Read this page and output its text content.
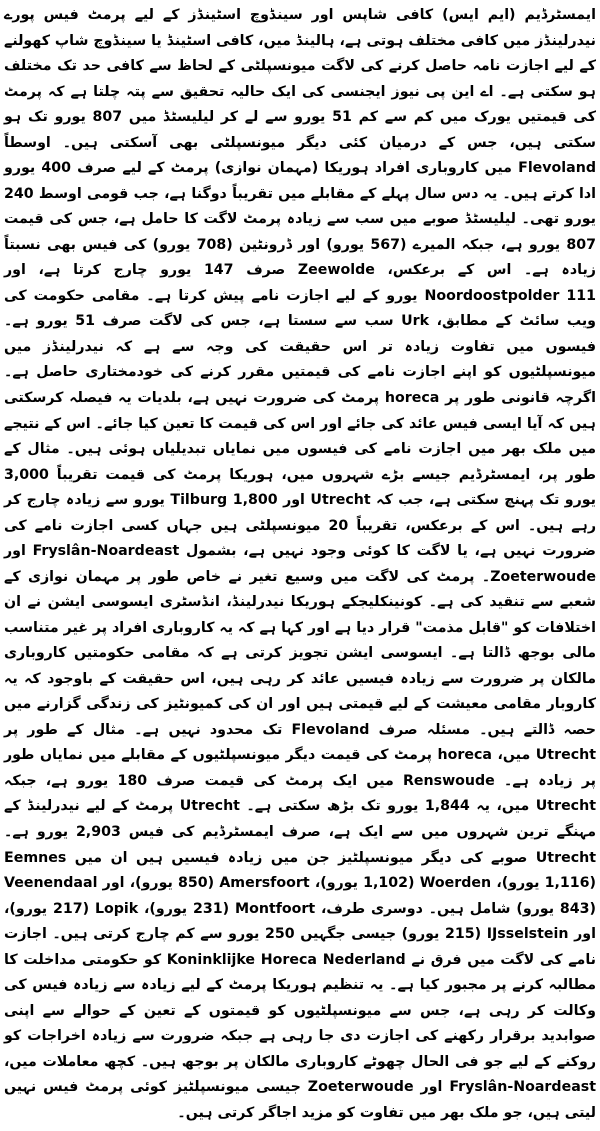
ایمسٹرڈیم (ایم ایس) کافی شاپس اور سینڈوچ اسٹینڈز کے لیے پرمٹ فیس پورے نیدرلینڈز میں کافی مختلف ہوتی ہے، ہالینڈ میں، کافی اسٹینڈ یا سینڈوچ شاپ کھولنے کے لیے اجازت نامہ حاصل کرنے کی لاگت میونسپلٹی کے لحاظ سے کافی حد تک مختلف ہو سکتی ہے۔ اے این پی نیوز ایجنسی کی ایک حالیہ تحقیق سے پتہ چلتا ہے کہ پرمٹ کی قیمتیں یورک میں کم سے کم 51 یورو سے لے کر لیلیسٹڈ میں 807 یورو تک ہو سکتی ہیں، جس کے درمیان کئی دیگر میونسپلٹی بھی آسکتی ہیں۔ اوسطاً Flevoland میں کاروباری افراد ہوریکا (مہمان نوازی) پرمٹ کے لیے صرف 400 یورو ادا کرتے ہیں۔ یہ دس سال پہلے کے مقابلے میں تقریباً دوگنا ہے، جب قومی اوسط 240 یورو تھی۔ لیلیسٹڈ صوبے میں سب سے زیادہ پرمٹ لاگت کا حامل ہے، جس کی قیمت 807 یورو ہے، جبکہ المیرے (567 یورو) اور ڈرونٹین (708 یورو) کی فیس بھی نسبتاً زیادہ ہے۔ اس کے برعکس، Zeewolde صرف 147 یورو چارج کرتا ہے، اور Noordoostpolder 111 یورو کے لیے اجازت نامے پیش کرتا ہے۔ مقامی حکومت کی ویب سائٹ کے مطابق، Urk سب سے سستا ہے، جس کی لاگت صرف 51 یورو ہے۔ فیسوں میں تفاوت زیادہ تر اس حقیقت کی وجہ سے ہے کہ نیدرلینڈز میں میونسپلٹیوں کو اپنے اجازت نامے کی قیمتیں مقرر کرنے کی خودمختاری حاصل ہے۔ اگرچہ قانونی طور پر horeca پرمٹ کی ضرورت نہیں ہے، بلدیات یہ فیصلہ کرسکتی ہیں کہ آیا ایسی فیس عائد کی جائے اور اس کی قیمت کا تعین کیا جائے۔ اس کے نتیجے میں ملک بھر میں اجازت نامے کی فیسوں میں نمایاں تبدیلیاں ہوئی ہیں۔ مثال کے طور پر، ایمسٹرڈیم جیسے بڑے شہروں میں، ہوریکا پرمٹ کی قیمت تقریباً 3,000 یورو تک پہنچ سکتی ہے، جب کہ Utrecht اور Tilburg 1,800 یورو سے زیادہ چارج کر رہے ہیں۔ اس کے برعکس، تقریباً 20 میونسپلٹی ہیں جہاں کسی اجازت نامے کی ضرورت نہیں ہے، یا لاگت کا کوئی وجود نہیں ہے، بشمول Fryslân-Noardeast اور Zoeterwoude۔ پرمٹ کی لاگت میں وسیع تغیر نے خاص طور پر مہمان نوازی کے شعبے سے تنقید کی ہے۔ کونینکلیجکے ہوریکا نیدرلینڈ، انڈسٹری ایسوسی ایشن نے ان اختلافات کو "قابل مذمت" قرار دیا ہے اور کہا ہے کہ یہ کاروباری افراد پر غیر متناسب مالی بوجھ ڈالتا ہے۔ ایسوسی ایشن تجویز کرتی ہے کہ مقامی حکومتیں کاروباری مالکان پر ضرورت سے زیادہ فیسیں عائد کر رہی ہیں، اس حقیقت کے باوجود کہ یہ کاروبار مقامی معیشت کے لیے قیمتی ہیں اور ان کی کمیونٹیز کی زندگی گزارنے میں حصہ ڈالتے ہیں۔ مسئلہ صرف Flevoland تک محدود نہیں ہے۔ مثال کے طور پر Utrecht میں، horeca پرمٹ کی قیمت دیگر میونسپلٹیوں کے مقابلے میں نمایاں طور پر زیادہ ہے۔ Renswoude میں ایک پرمٹ کی قیمت صرف 180 یورو ہے، جبکہ Utrecht میں، یہ 1,844 یورو تک بڑھ سکتی ہے۔ Utrecht پرمٹ کے لیے نیدرلینڈ کے مہنگے ترین شہروں میں سے ایک ہے، صرف ایمسٹرڈیم کی فیس 2,903 یورو ہے۔ Utrecht صوبے کی دیگر میونسپلٹیز جن میں زیادہ فیسیں ہیں ان میں Eemnes (1,116 یورو)، Woerden (1,102 یورو)، Amersfoort (850 یورو)، اور Veenendaal (843 یورو) شامل ہیں۔ دوسری طرف، Montfoort (231 یورو)، Lopik (217 یورو)، اور IJsselstein (215 یورو) جیسی جگہیں 250 یورو سے کم چارج کرتی ہیں۔ اجازت نامے کی لاگت میں فرق نے Koninklijke Horeca Nederland کو حکومتی مداخلت کا مطالبہ کرنے پر مجبور کیا ہے۔ یہ تنظیم ہوریکا پرمٹ کے لیے زیادہ سے زیادہ فیس کی وکالت کر رہی ہے، جس سے میونسپلٹیوں کو قیمتوں کے تعین کے حوالے سے اپنی صوابدید برقرار رکھنے کی اجازت دی جا رہی ہے جبکہ ضرورت سے زیادہ اخراجات کو روکنے کے لیے جو فی الحال چھوٹے کاروباری مالکان پر بوجھ ہیں۔ کچھ معاملات میں، Fryslân-Noardeast اور Zoeterwoude جیسی میونسپلٹیز کوئی پرمٹ فیس نہیں لیتی ہیں، جو ملک بھر میں تفاوت کو مزید اجاگر کرتی ہیں۔
